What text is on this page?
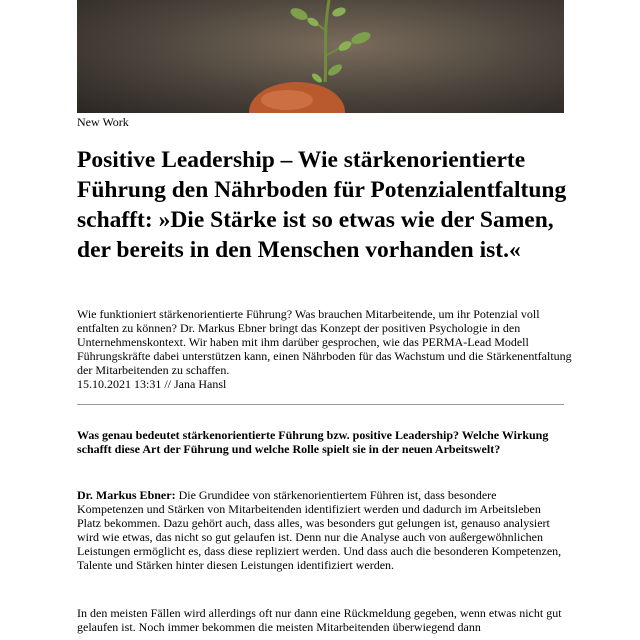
New Work
Positive Leadership – Wie stärkenorientierte Führung den Nährboden für Potenzialentfaltung schafft: »Die Stärke ist so etwas wie der Samen, der bereits in den Menschen vorhanden ist.«

Wie funktioniert stärkenorientierte Führung? Was brauchen Mitarbeitende, um ihr Potenzial voll entfalten zu können? Dr. Markus Ebner bringt das Konzept der positiven Psychologie in den Unternehmenskontext. Wir haben mit ihm darüber gesprochen, wie das PERMA-Lead Modell Führungskräfte dabei unterstützen kann, einen Nährboden für das Wachstum und die Stärkenentfaltung der Mitarbeitenden zu schaffen.

15.10.2021 13:31 // Jana Hansl

Was genau bedeutet stärkenorientierte Führung bzw. positive Leadership? Welche Wirkung schafft diese Art der Führung und welche Rolle spielt sie in der neuen Arbeitswelt?

Dr. Markus Ebner: Die Grundidee von stärkenorientiertem Führen ist, dass besondere Kompetenzen und Stärken von Mitarbeitenden identifiziert werden und dadurch im Arbeitsleben Platz bekommen. Dazu gehört auch, dass alles, was besonders gut gelungen ist, genauso analysiert wird wie etwas, das nicht so gut gelaufen ist. Denn nur die Analyse auch von außergewöhnlichen Leistungen ermöglicht es, dass diese repliziert werden. Und dass auch die besonderen Kompetenzen, Talente und Stärken hinter diesen Leistungen identifiziert werden.

In den meisten Fällen wird allerdings oft nur dann eine Rückmeldung gegeben, wenn etwas nicht gut gelaufen ist. Noch immer bekommen die meisten Mitarbeitenden überwiegend dann
